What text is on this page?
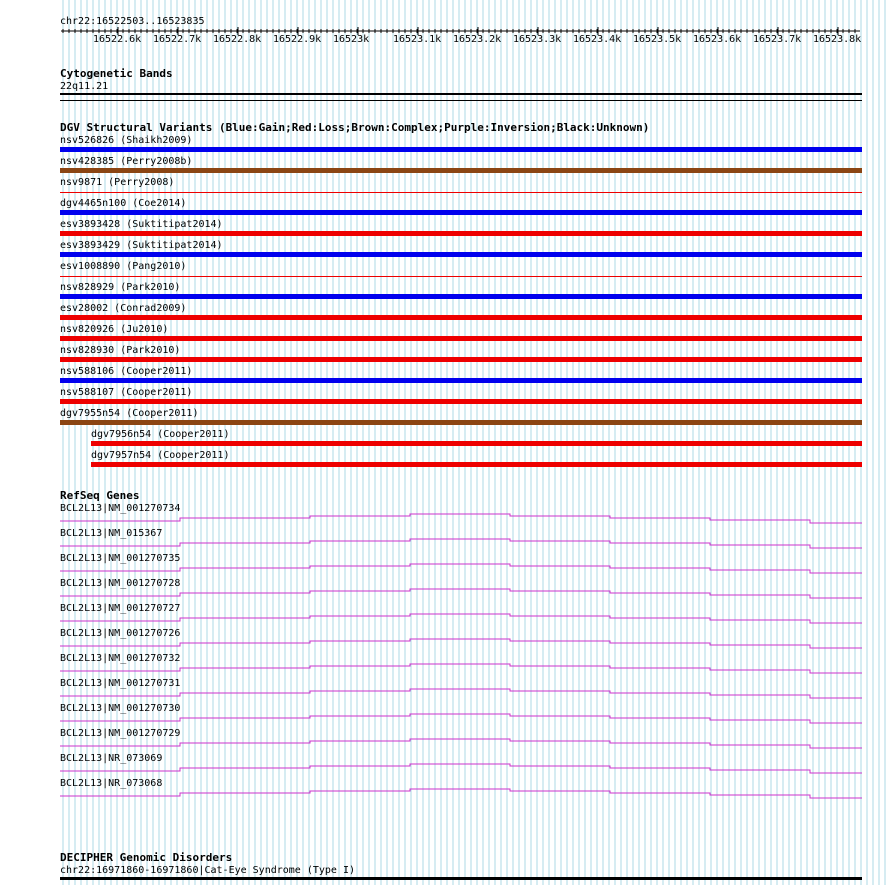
chr22:16522503..16523835
16522.6k 16522.7k 16522.8k 16522.9k 16523k 16523.1k 16523.2k 16523.3k 16523.4k 16523.5k 16523.6k 16523.7k 16523.8k
Cytogenetic Bands
22q11.21
DGV Structural Variants (Blue:Gain;Red:Loss;Brown:Complex;Purple:Inversion;Black:Unknown)
nsv526826 (Shaikh2009)
nsv428385 (Perry2008b)
nsv9871 (Perry2008)
dgv4465n100 (Coe2014)
esv3893428 (Suktitipat2014)
esv3893429 (Suktitipat2014)
esv1008890 (Pang2010)
nsv828929 (Park2010)
esv28002 (Conrad2009)
nsv820926 (Ju2010)
nsv828930 (Park2010)
nsv588106 (Cooper2011)
nsv588107 (Cooper2011)
dgv7955n54 (Cooper2011)
dgv7956n54 (Cooper2011)
dgv7957n54 (Cooper2011)
RefSeq Genes
BCL2L13|NM_001270734
BCL2L13|NM_015367
BCL2L13|NM_001270735
BCL2L13|NM_001270728
BCL2L13|NM_001270727
BCL2L13|NM_001270726
BCL2L13|NM_001270732
BCL2L13|NM_001270731
BCL2L13|NM_001270730
BCL2L13|NM_001270729
BCL2L13|NR_073069
BCL2L13|NR_073068
DECIPHER Genomic Disorders
chr22:16971860-16971860|Cat-Eye Syndrome (Type I)
